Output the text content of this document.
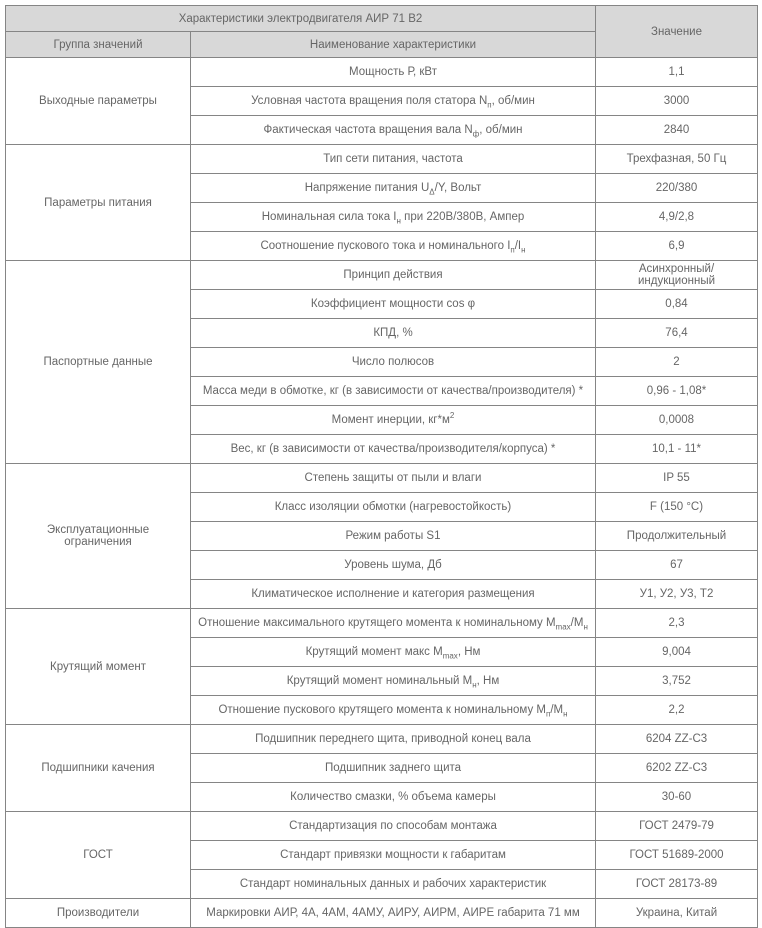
Характеристики электродвигателя АИР 71 В2		Значение
Группа значений	Наименование характеристики	
Выходные параметры	Мощность Р, кВт	1,1
	Условная частота вращения поля статора $N_п$, об/мин	3000
	Фактическая частота вращения вала $N_ф$, об/мин	2840
Параметры питания	Тип сети питания, частота	Трехфазная, 50 Гц
	Напряжение питания $U_\Delta/Y$, Вольт	220/380
	Номинальная сила тока $I_н$ при 220В/380В, Ампер	4,9/2,8
	Соотношение пускового тока и номинального $I_п/I_н$	6,9
Паспортные данные	Принцип действия	Асинхронный/индукционный
	Коэффициент мощности cos φ	0,84
	КПД, %	76,4
	Число полюсов	2
	Масса меди в обмотке, кг (в зависимости от качества/производителя) *	0,96 - 1,08*
	Момент инерции, $кг*м^2$	0,0008
	Вес, кг (в зависимости от качества/производителя/корпуса) *	10,1 - 11*
Эксплуатационные ограничения	Степень защиты от пыли и влаги	IP 55
	Класс изоляции обмотки (нагревостойкость)	F (150 °С)
	Режим работы S1	Продолжительный
	Уровень шума, Дб	67
	Климатическое исполнение и категория размещения	У1, У2, У3, Т2
Крутящий момент	Отношение максимального крутящего момента к номинальному $M_{max}/M_н$	2,3
	Крутящий момент макс $M_{max}$, Нм	9,004
	Крутящий момент номинальный $M_н$, Нм	3,752
	Отношение пускового крутящего момента к номинальному $M_п/M_н$	2,2
Подшипники качения	Подшипник переднего щита, приводной конец вала	6204 ZZ-C3
	Подшипник заднего щита	6202 ZZ-C3
	Количество смазки, % объема камеры	30-60
ГОСТ	Стандартизация по способам монтажа	ГОСТ 2479-79
	Стандарт привязки мощности к габаритам	ГОСТ 51689-2000
	Стандарт номинальных данных и рабочих характеристик	ГОСТ 28173-89
Производители	Маркировки АИР, 4А, 4АМ, 4АМУ, АИРУ, АИРМ, АИРЕ габарита 71 мм	Украина, Китай
